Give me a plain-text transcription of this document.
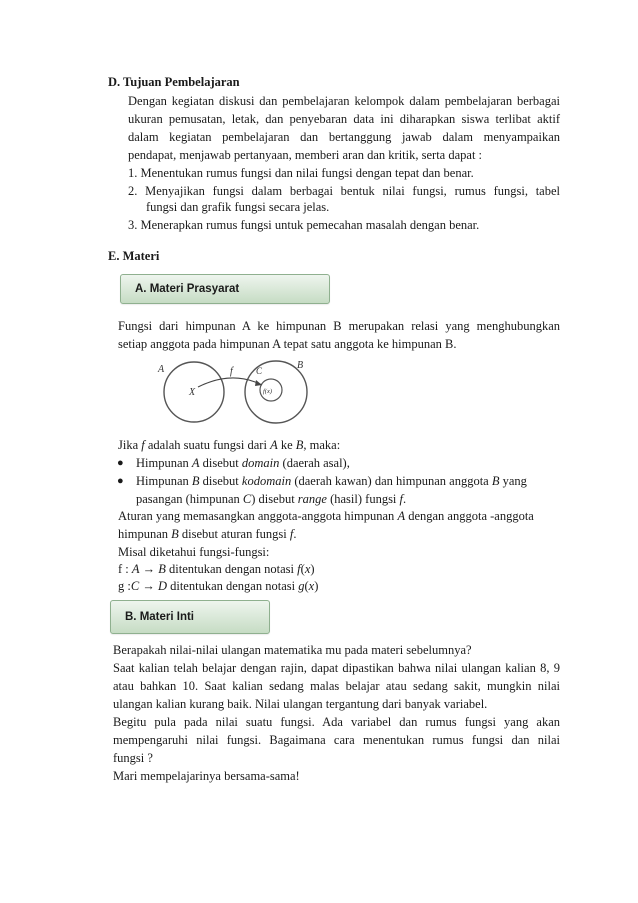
D. Tujuan Pembelajaran
Dengan kegiatan diskusi dan pembelajaran kelompok dalam pembelajaran berbagai
ukuran pemusatan, letak, dan penyebaran data ini diharapkan siswa terlibat aktif
dalam kegiatan pembelajaran dan bertanggung jawab dalam menyampaikan
pendapat, menjawab pertanyaan, memberi aran dan kritik, serta dapat :
1. Menentukan rumus fungsi dan nilai fungsi dengan tepat dan benar.
2. Menyajikan fungsi dalam berbagai bentuk nilai fungsi, rumus fungsi, tabel
fungsi dan grafik fungsi secara jelas.
3. Menerapkan rumus fungsi untuk pemecahan masalah dengan benar.
E. Materi
A. Materi Prasyarat
Fungsi dari himpunan A ke himpunan B merupakan relasi yang menghubungkan
setiap anggota pada himpunan A tepat satu anggota ke himpunan B.
A
X
f	C	B
f(x)
Jika f adalah suatu fungsi dari A ke B, maka:
● Himpunan A disebut domain (daerah asal),
● Himpunan B disebut kodomain (daerah kawan) dan himpunan anggota B yang
pasangan (himpunan C) disebut range (hasil) fungsi f.
Aturan yang memasangkan anggota-anggota himpunan A dengan anggota -anggota
himpunan B disebut aturan fungsi f.
Misal diketahui fungsi-fungsi:
f : A → B ditentukan dengan notasi f(x)
g :C → D ditentukan dengan notasi g(x)
B. Materi Inti
Berapakah nilai-nilai ulangan matematika mu pada materi sebelumnya?
Saat kalian telah belajar dengan rajin, dapat dipastikan bahwa nilai ulangan kalian 8, 9
atau bahkan 10. Saat kalian sedang malas belajar atau sedang sakit, mungkin nilai
ulangan kalian kurang baik. Nilai ulangan tergantung dari banyak variabel.
Begitu pula pada nilai suatu fungsi. Ada variabel dan rumus fungsi yang akan
mempengaruhi nilai fungsi. Bagaimana cara menentukan rumus fungsi dan nilai
fungsi ?
Mari mempelajarinya bersama-sama!
